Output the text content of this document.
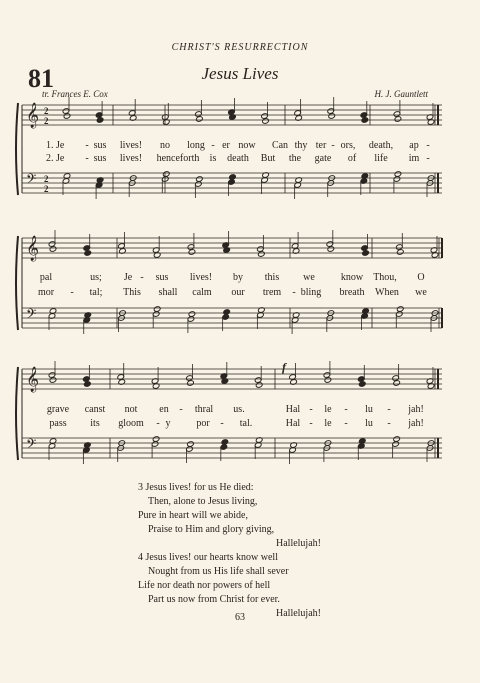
CHRIST'S RESURRECTION
81	Jesus Lives
tr. Frances E. Cox	H. J. Gauntlett
𝄞
𝄢
2
2
2
2
𝄞
𝄢
𝄞
𝄢
f
1. Je - sus lives! no long - er now Can thy ter - ors, death, ap -
2. Je - sus lives! henceforth is death But the gate of life im -
pal	us; Je - sus lives! by this we	know Thou, O
mor - tal; This shall calm our trem - bling breath When we
grave canst not en - thral us.	Hal - le - lu - jah!
pass its gloom - y	por - tal.	Hal - le - lu - jah!
3 Jesus lives! for us He died:
Then, alone to Jesus living,
Pure in heart will we abide,
Praise to Him and glory giving,
Hallelujah!
4 Jesus lives! our hearts know well
Nought from us His life shall sever
Life nor death nor powers of hell
Part us now from Christ for ever.
Hallelujah!
63
